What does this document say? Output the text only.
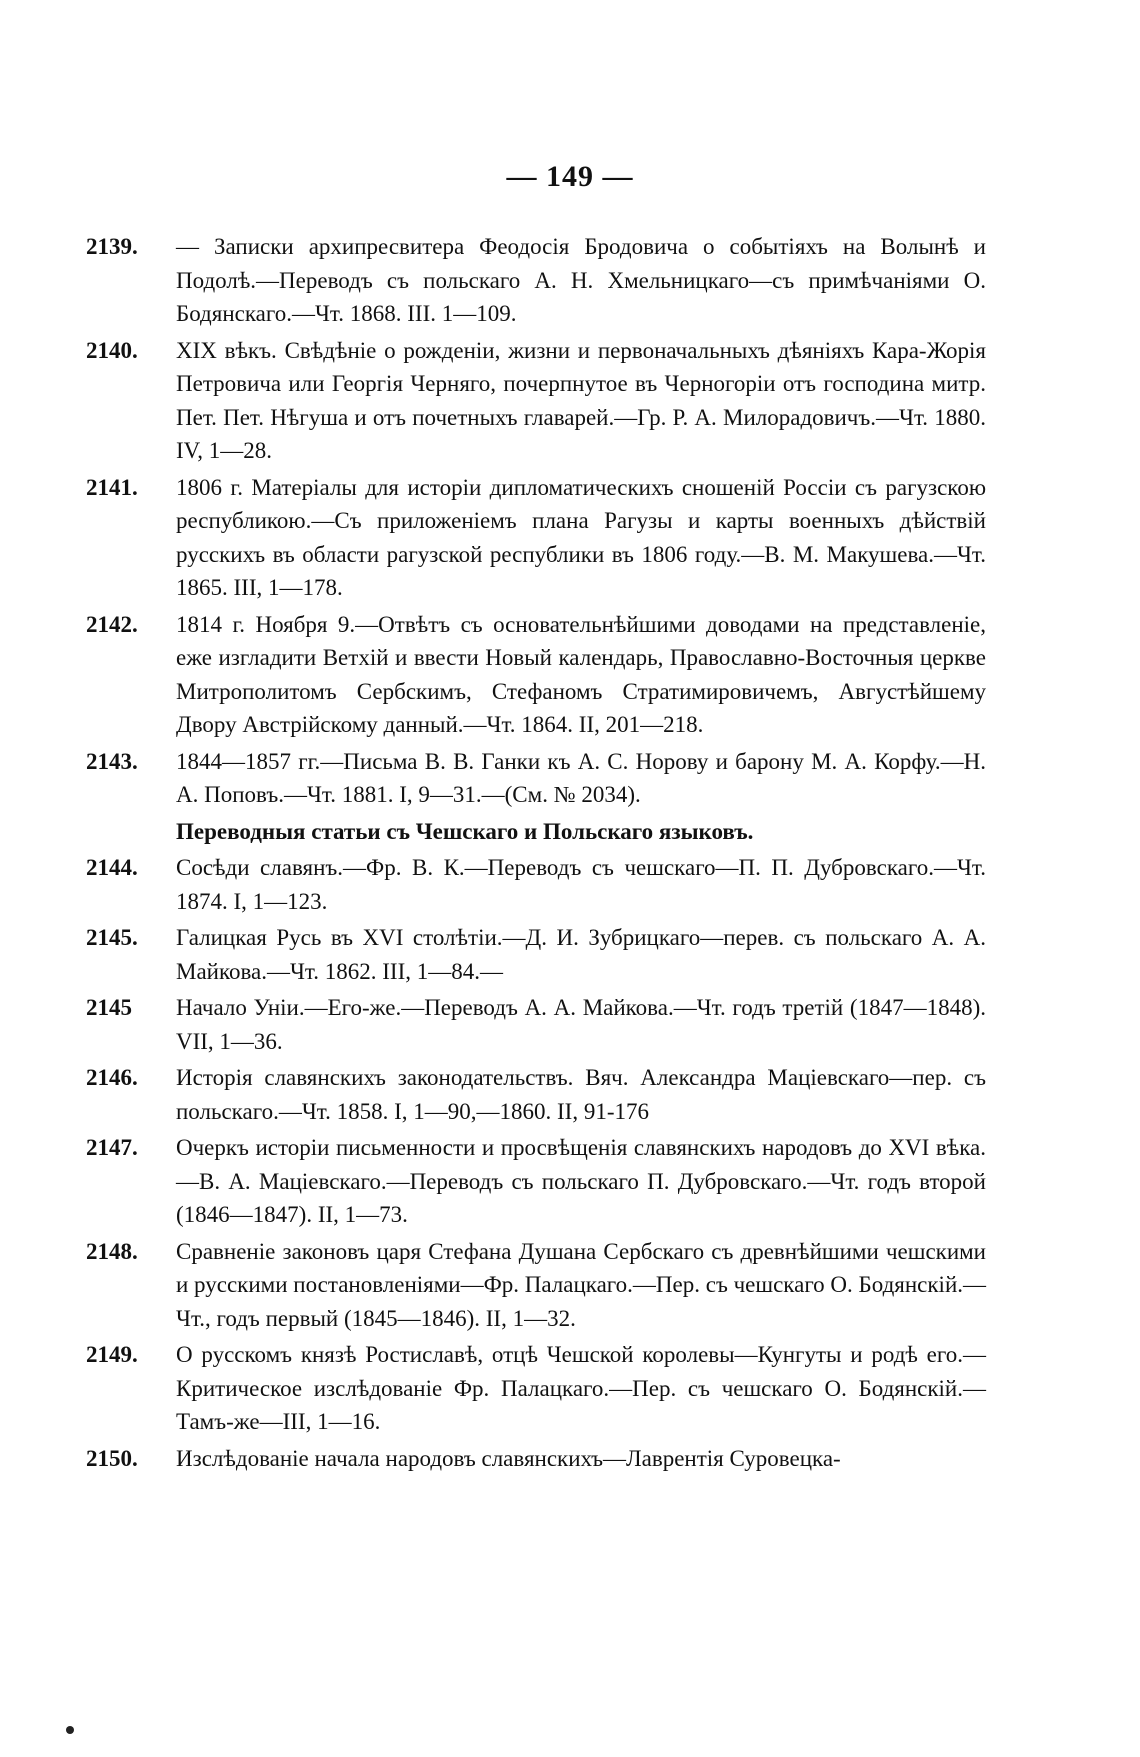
— 149 —
2139.	— Записки архипресвитера Феодосія Бродовича о событіяхъ на Волынѣ и Подолѣ.—Переводъ съ польскаго А. Н. Хмельницкаго—съ примѣчаніями О. Бодянскаго.—Чт. 1868. III. 1—109.
2140.	XIX вѣкъ. Свѣдѣніе о рожденіи, жизни и первоначальныхъ дѣяніяхъ Кара-Жорія Петровича или Георгія Черняго, почерпнутое въ Черногоріи отъ господина митр. Пет. Пет. Нѣгуша и отъ почетныхъ главарей.—Гр. Р. А. Милорадовичъ.—Чт. 1880. IV, 1—28.
2141.	1806 г. Матеріалы для исторіи дипломатическихъ сношеній Россіи съ рагузскою республикою.—Съ приложеніемъ плана Рагузы и карты военныхъ дѣйствій русскихъ въ области рагузской республики въ 1806 году.—В. М. Макушева.—Чт. 1865. III, 1—178.
2142.	1814 г. Ноября 9.—Отвѣтъ съ основательнѣйшими доводами на представленіе, еже изгладити Ветхій и ввести Новый календарь, Православно-Восточныя церкве Митрополитомъ Сербскимъ, Стефаномъ Стратимировичемъ, Августѣйшему Двору Австрійскому данный.—Чт. 1864. II, 201—218.
2143.	1844—1857 гг.—Письма В. В. Ганки къ А. С. Норову и барону М. А. Корфу.—Н. А. Поповъ.—Чт. 1881. I, 9—31.—(См. № 2034).
Переводныя статьи съ Чешскаго и Польскаго языковъ.
2144.	Соcѣди славянъ.—Фр. В. К.—Переводъ съ чешскаго—П. П. Дубровскаго.—Чт. 1874. I, 1—123.
2145.	Галицкая Русь въ XVI столѣтіи.—Д. И. Зубрицкаго—перев. съ польскаго А. А. Майкова.—Чт. 1862. III, 1—84.—
2145	Начало Уніи.—Его-же.—Переводъ А. А. Майкова.—Чт. годъ третій (1847—1848). VII, 1—36.
2146.	Исторія славянскихъ законодательствъ. Вяч. Александра Маціевскаго—пер. съ польскаго.—Чт. 1858. I, 1—90,—1860. II, 91-176
2147.	Очеркъ исторіи письменности и просвѣщенія славянскихъ народовъ до XVI вѣка.—В. А. Маціевскаго.—Переводъ съ польскаго П. Дубровскаго.—Чт. годъ второй (1846—1847). II, 1—73.
2148.	Сравненіе законовъ царя Стефана Душана Сербскаго съ древнѣйшими чешскими и русскими постановленіями—Фр. Палацкаго.—Пер. съ чешскаго О. Бодянскій.—Чт., годъ первый (1845—1846). II, 1—32.
2149.	О русскомъ князѣ Ростиславѣ, отцѣ Чешской королевы—Кунгуты и родѣ его.—Критическое изслѣдованіе Фр. Палацкаго.—Пер. съ чешскаго О. Бодянскій.—Тамъ-же—III, 1—16.
2150.	Изслѣдованіе начала народовъ славянскихъ—Лаврентія Суровецка-
